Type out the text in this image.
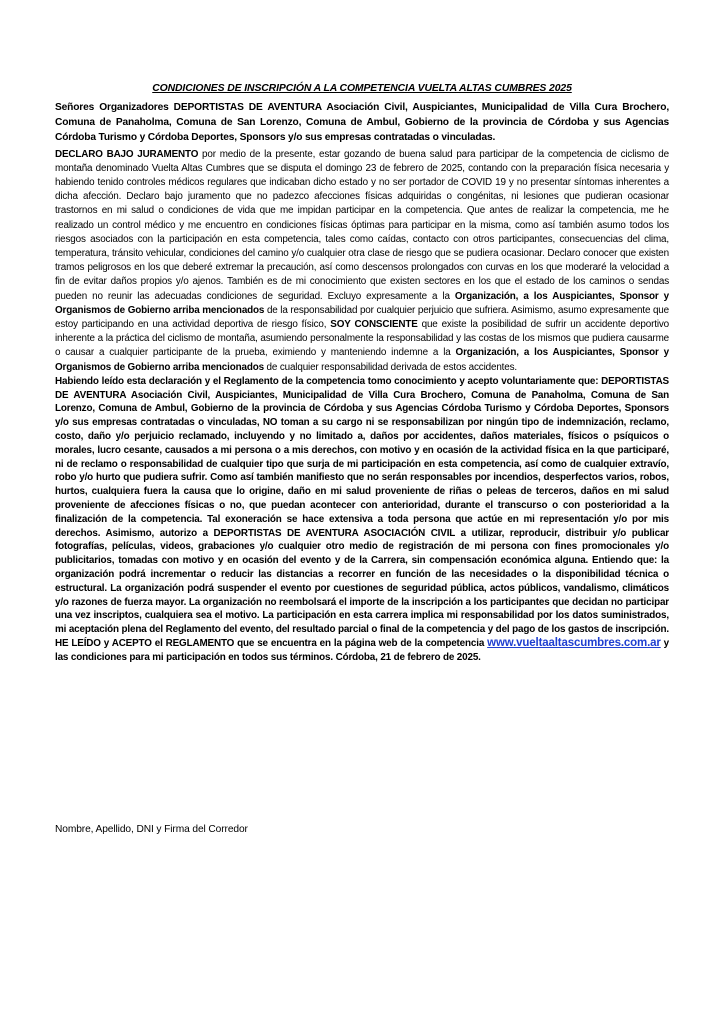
CONDICIONES DE INSCRIPCIÓN A LA COMPETENCIA VUELTA ALTAS CUMBRES 2025

Señores Organizadores DEPORTISTAS DE AVENTURA Asociación Civil, Auspiciantes, Municipalidad de Villa Cura Brochero, Comuna de Panaholma, Comuna de San Lorenzo, Comuna de Ambul, Gobierno de la provincia de Córdoba y sus Agencias Córdoba Turismo y Córdoba Deportes, Sponsors y/o sus empresas contratadas o vinculadas.

DECLARO BAJO JURAMENTO por medio de la presente, estar gozando de buena salud para participar de la competencia de ciclismo de montaña denominado Vuelta Altas Cumbres que se disputa el domingo 23 de febrero de 2025, contando con la preparación física necesaria y habiendo tenido controles médicos regulares que indicaban dicho estado y no ser portador de COVID 19 y no presentar síntomas inherentes a dicha afección. Declaro bajo juramento que no padezco afecciones físicas adquiridas o congénitas, ni lesiones que pudieran ocasionar trastornos en mi salud o condiciones de vida que me impidan participar en la competencia. Que antes de realizar la competencia, me he realizado un control médico y me encuentro en condiciones físicas óptimas para participar en la misma, como así también asumo todos los riesgos asociados con la participación en esta competencia, tales como caídas, contacto con otros participantes, consecuencias del clima, temperatura, tránsito vehicular, condiciones del camino y/o cualquier otra clase de riesgo que se pudiera ocasionar. Declaro conocer que existen tramos peligrosos en los que deberé extremar la precaución, así como descensos prolongados con curvas en los que moderaré la velocidad a fin de evitar daños propios y/o ajenos. También es de mi conocimiento que existen sectores en los que el estado de los caminos o sendas pueden no reunir las adecuadas condiciones de seguridad. Excluyo expresamente a la Organización, a los Auspiciantes, Sponsor y Organismos de Gobierno arriba mencionados de la responsabilidad por cualquier perjuicio que sufriera. Asimismo, asumo expresamente que estoy participando en una actividad deportiva de riesgo físico, SOY CONSCIENTE que existe la posibilidad de sufrir un accidente deportivo inherente a la práctica del ciclismo de montaña, asumiendo personalmente la responsabilidad y las costas de los mismos que pudiera causarme o causar a cualquier participante de la prueba, eximiendo y manteniendo indemne a la Organización, a los Auspiciantes, Sponsor y Organismos de Gobierno arriba mencionados de cualquier responsabilidad derivada de estos accidentes.

Habiendo leído esta declaración y el Reglamento de la competencia tomo conocimiento y acepto voluntariamente que: DEPORTISTAS DE AVENTURA Asociación Civil, Auspiciantes, Municipalidad de Villa Cura Brochero, Comuna de Panaholma, Comuna de San Lorenzo, Comuna de Ambul, Gobierno de la provincia de Córdoba y sus Agencias Córdoba Turismo y Córdoba Deportes, Sponsors y/o sus empresas contratadas o vinculadas, NO toman a su cargo ni se responsabilizan por ningún tipo de indemnización, reclamo, costo, daño y/o perjuicio reclamado, incluyendo y no limitado a, daños por accidentes, daños materiales, físicos o psíquicos o morales, lucro cesante, causados a mi persona o a mis derechos, con motivo y en ocasión de la actividad física en la que participaré, ni de reclamo o responsabilidad de cualquier tipo que surja de mi participación en esta competencia, así como de cualquier extravío, robo y/o hurto que pudiera sufrir. Como así también manifiesto que no serán responsables por incendios, desperfectos varios, robos, hurtos, cualquiera fuera la causa que lo origine, daño en mi salud proveniente de riñas o peleas de terceros, daños en mi salud proveniente de afecciones físicas o no, que puedan acontecer con anterioridad, durante el transcurso o con posterioridad a la finalización de la competencia. Tal exoneración se hace extensiva a toda persona que actúe en mi representación y/o por mis derechos. Asimismo, autorizo a DEPORTISTAS DE AVENTURA ASOCIACIÓN CIVIL a utilizar, reproducir, distribuir y/o publicar fotografías, películas, videos, grabaciones y/o cualquier otro medio de registración de mi persona con fines promocionales y/o publicitarios, tomadas con motivo y en ocasión del evento y de la Carrera, sin compensación económica alguna. Entiendo que: la organización podrá incrementar o reducir las distancias a recorrer en función de las necesidades o la disponibilidad técnica o estructural. La organización podrá suspender el evento por cuestiones de seguridad pública, actos públicos, vandalismo, climáticos y/o razones de fuerza mayor. La organización no reembolsará el importe de la inscripción a los participantes que decidan no participar una vez inscriptos, cualquiera sea el motivo. La participación en esta carrera implica mi responsabilidad por los datos suministrados, mi aceptación plena del Reglamento del evento, del resultado parcial o final de la competencia y del pago de los gastos de inscripción. HE LEÍDO y ACEPTO el REGLAMENTO que se encuentra en la página web de la competencia www.vueltaaltascumbres.com.ar y las condiciones para mi participación en todos sus términos. Córdoba, 21 de febrero de 2025.

Nombre, Apellido, DNI y Firma del Corredor
